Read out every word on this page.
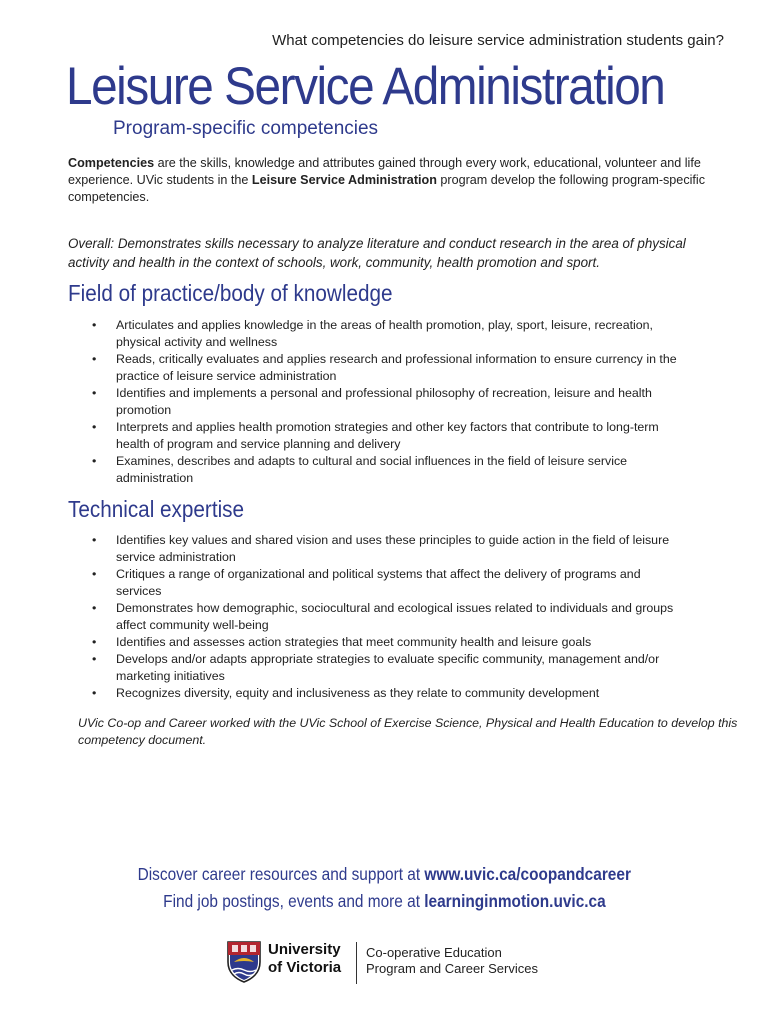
What competencies do leisure service administration students gain?
Leisure Service Administration
Program-specific competencies
Competencies are the skills, knowledge and attributes gained through every work, educational, volunteer and life experience. UVic students in the Leisure Service Administration program develop the following program-specific competencies.
Overall: Demonstrates skills necessary to analyze literature and conduct research in the area of physical activity and health in the context of schools, work, community, health promotion and sport.
Field of practice/body of knowledge
• Articulates and applies knowledge in the areas of health promotion, play, sport, leisure, recreation, physical activity and wellness
• Reads, critically evaluates and applies research and professional information to ensure currency in the practice of leisure service administration
• Identifies and implements a personal and professional philosophy of recreation, leisure and health promotion
• Interprets and applies health promotion strategies and other key factors that contribute to long-term health of program and service planning and delivery
• Examines, describes and adapts to cultural and social influences in the field of leisure service administration
Technical expertise
• Identifies key values and shared vision and uses these principles to guide action in the field of leisure service administration
• Critiques a range of organizational and political systems that affect the delivery of programs and services
• Demonstrates how demographic, sociocultural and ecological issues related to individuals and groups affect community well-being
• Identifies and assesses action strategies that meet community health and leisure goals
• Develops and/or adapts appropriate strategies to evaluate specific community, management and/or marketing initiatives
• Recognizes diversity, equity and inclusiveness as they relate to community development
UVic Co-op and Career worked with the UVic School of Exercise Science, Physical and Health Education to develop this competency document.
Discover career resources and support at www.uvic.ca/coopandcareer
Find job postings, events and more at learninginmotion.uvic.ca
University
of Victoria
Co-operative Education
Program and Career Services
